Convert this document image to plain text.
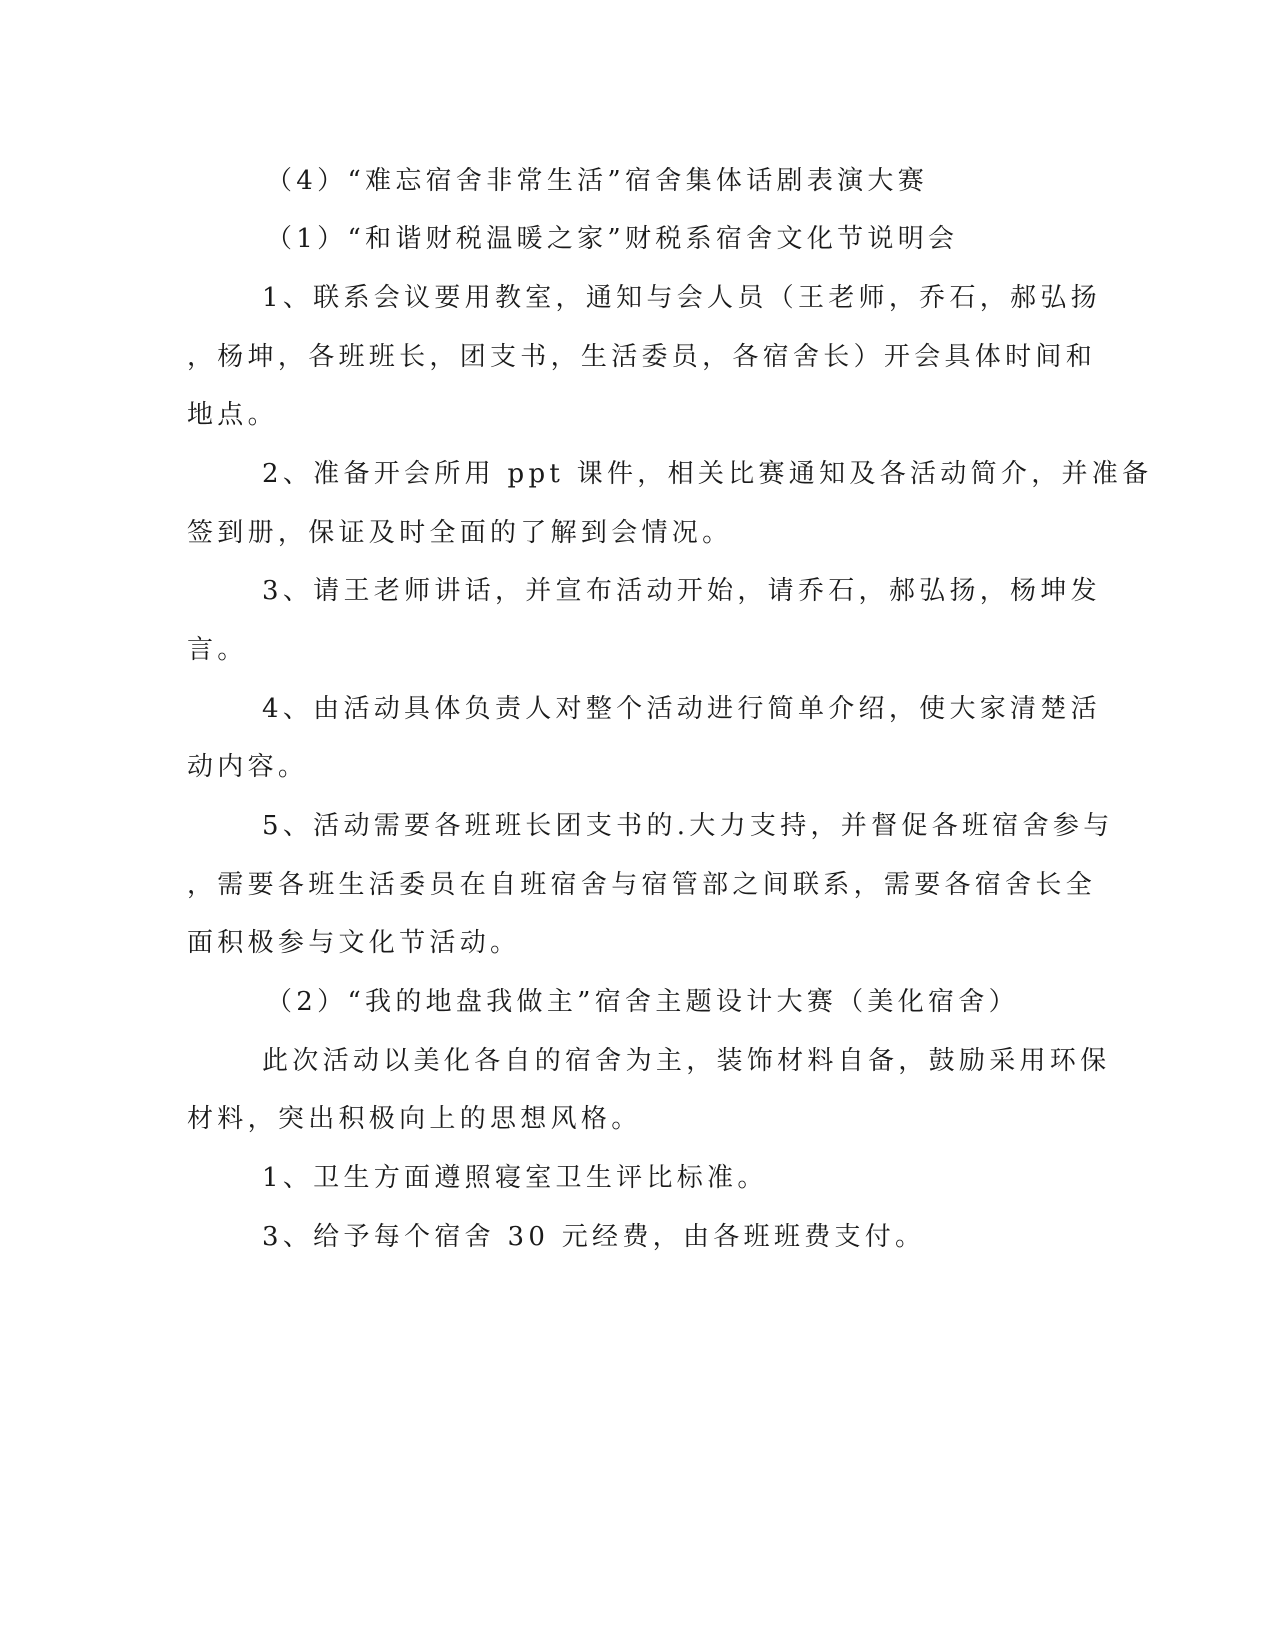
（4）“难忘宿舍非常生活”宿舍集体话剧表演大赛
（1）“和谐财税温暖之家”财税系宿舍文化节说明会
1、联系会议要用教室，通知与会人员（王老师，乔石，郝弘扬
，杨坤，各班班长，团支书，生活委员，各宿舍长）开会具体时间和
地点。
2、准备开会所用 ppt 课件，相关比赛通知及各活动简介，并准备
签到册，保证及时全面的了解到会情况。
3、请王老师讲话，并宣布活动开始，请乔石，郝弘扬，杨坤发
言。
4、由活动具体负责人对整个活动进行简单介绍，使大家清楚活
动内容。
5、活动需要各班班长团支书的.大力支持，并督促各班宿舍参与
，需要各班生活委员在自班宿舍与宿管部之间联系，需要各宿舍长全
面积极参与文化节活动。
（2）“我的地盘我做主”宿舍主题设计大赛（美化宿舍）
此次活动以美化各自的宿舍为主，装饰材料自备，鼓励采用环保
材料，突出积极向上的思想风格。
1、卫生方面遵照寝室卫生评比标准。
3、给予每个宿舍 30 元经费，由各班班费支付。
